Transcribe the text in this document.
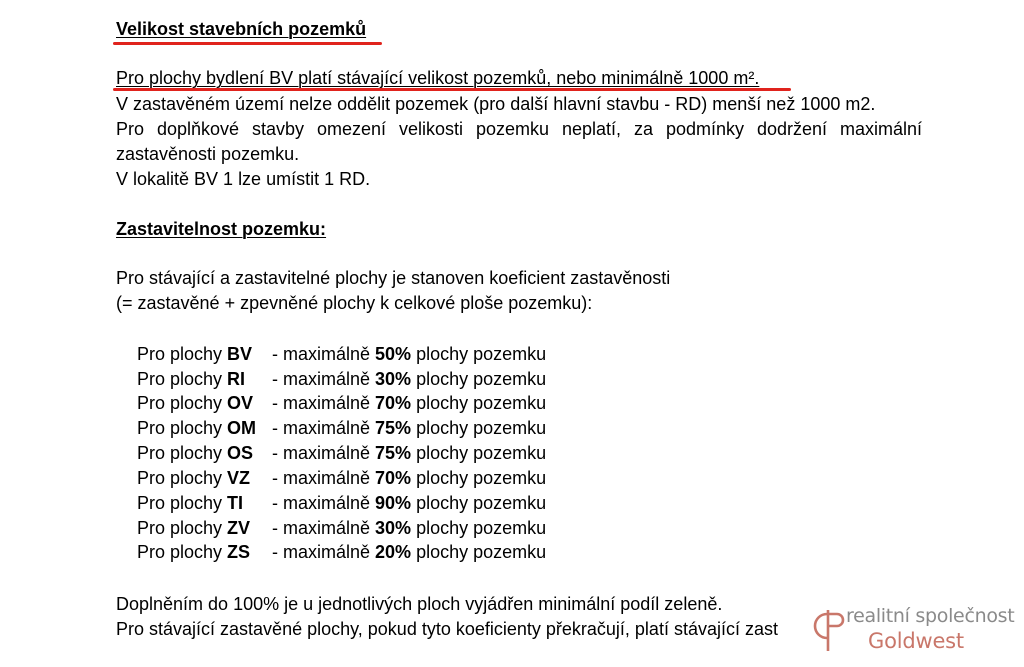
Velikost stavebních pozemků
Pro plochy bydlení BV platí stávající velikost pozemků, nebo minimálně 1000 m².
V zastavěném území nelze oddělit pozemek (pro další hlavní stavbu - RD) menší než 1000 m2.
Pro doplňkové stavby omezení velikosti pozemku neplatí, za podmínky dodržení maximální
zastavěnosti pozemku.
V lokalitě BV 1 lze umístit 1 RD.
Zastavitelnost pozemku:
Pro stávající a zastavitelné plochy je stanoven koeficient zastavěnosti
(= zastavěné + zpevněné plochy k celkové ploše pozemku):
Pro plochy BV - maximálně 50% plochy pozemku
Pro plochy RI - maximálně 30% plochy pozemku
Pro plochy OV - maximálně 70% plochy pozemku
Pro plochy OM - maximálně 75% plochy pozemku
Pro plochy OS - maximálně 75% plochy pozemku
Pro plochy VZ - maximálně 70% plochy pozemku
Pro plochy TI - maximálně 90% plochy pozemku
Pro plochy ZV - maximálně 30% plochy pozemku
Pro plochy ZS - maximálně 20% plochy pozemku
Doplněním do 100% je u jednotlivých ploch vyjádřen minimální podíl zeleně.
Pro stávající zastavěné plochy, pokud tyto koeficienty překračují, platí stávající zast
realitní společnost
Goldwest
